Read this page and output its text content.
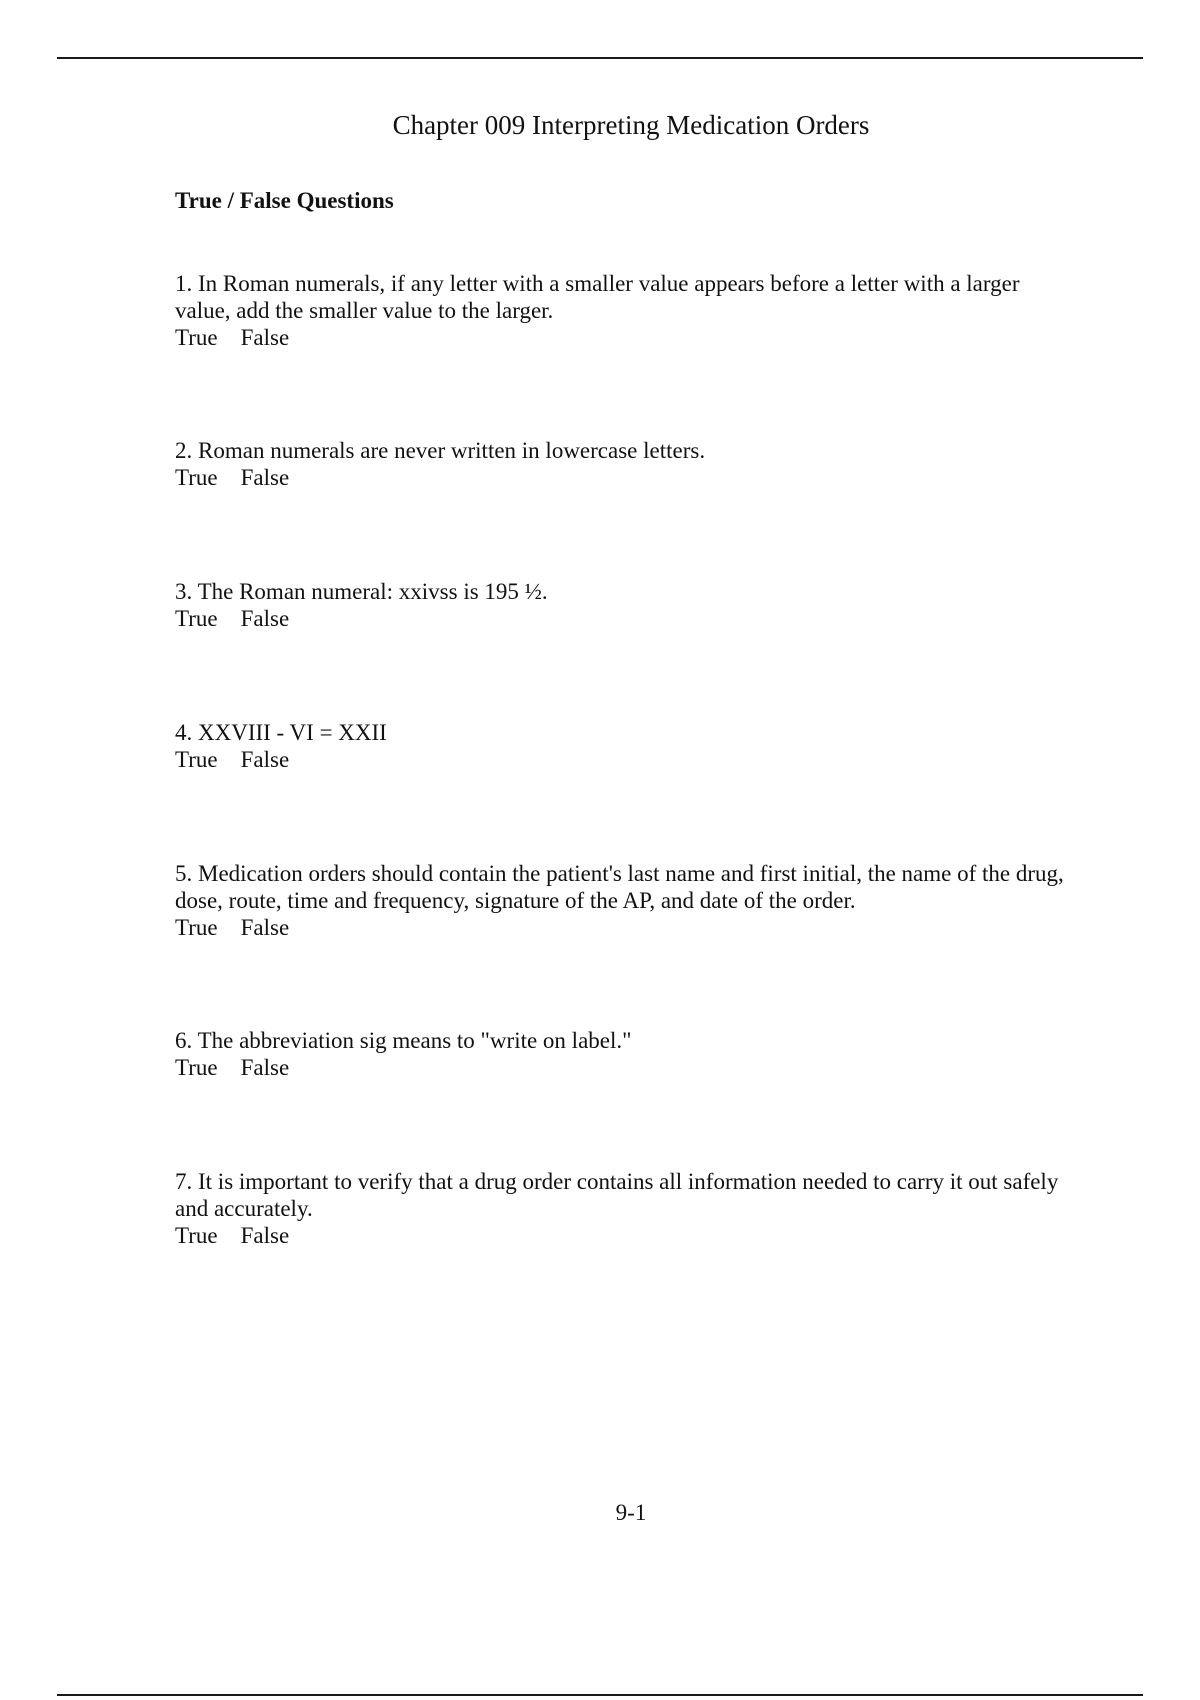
Chapter 009 Interpreting Medication Orders
True / False Questions
1. In Roman numerals, if any letter with a smaller value appears before a letter with a larger value, add the smaller value to the larger.
True False
2. Roman numerals are never written in lowercase letters.
True False
3. The Roman numeral: xxivss is 195 ½.
True False
4. XXVIII - VI = XXII
True False
5. Medication orders should contain the patient's last name and first initial, the name of the drug, dose, route, time and frequency, signature of the AP, and date of the order.
True False
6. The abbreviation sig means to "write on label."
True False
7. It is important to verify that a drug order contains all information needed to carry it out safely and accurately.
True False
9-1
